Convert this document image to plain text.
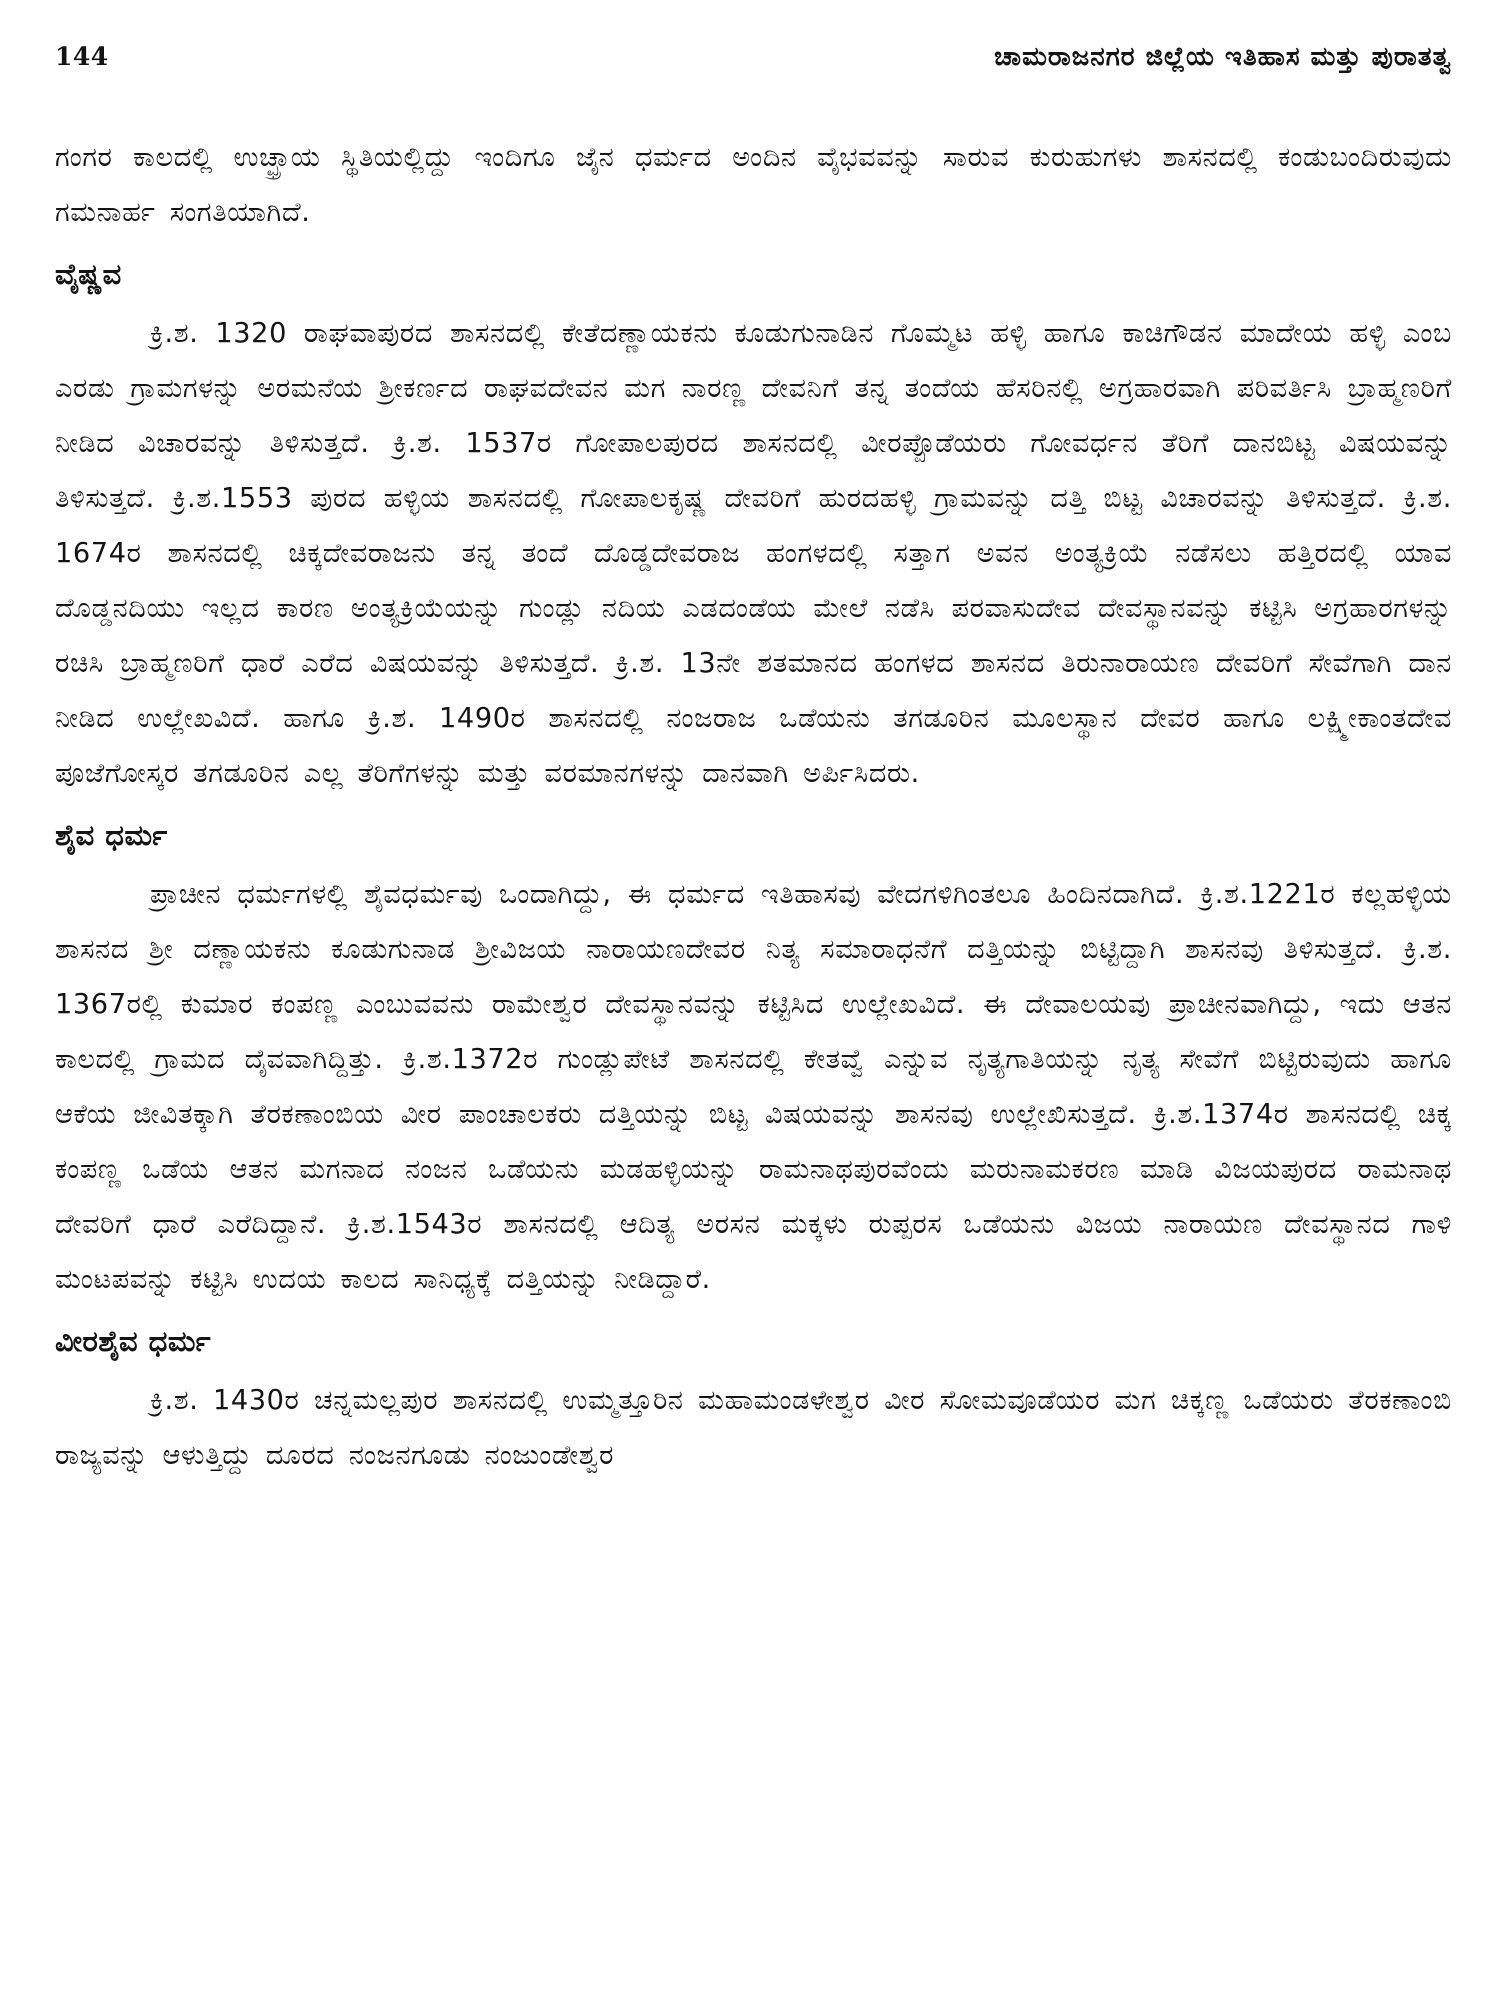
144	ಚಾಮರಾಜನಗರ ಜಿಲ್ಲೆಯ ಇತಿಹಾಸ ಮತ್ತು ಪುರಾತತ್ವ

ಗಂಗರ ಕಾಲದಲ್ಲಿ ಉಚ್ಛ್ರಾಯ ಸ್ಥಿತಿಯಲ್ಲಿದ್ದು ಇಂದಿಗೂ ಜೈನ ಧರ್ಮದ ಅಂದಿನ ವೈಭವವನ್ನು ಸಾರುವ ಕುರುಹುಗಳು ಶಾಸನದಲ್ಲಿ ಕಂಡುಬಂದಿರುವುದು ಗಮನಾರ್ಹ ಸಂಗತಿಯಾಗಿದೆ.

ವೈಷ್ಣವ

ಕ್ರಿ.ಶ. 1320 ರಾಘವಾಪುರದ ಶಾಸನದಲ್ಲಿ ಕೇತೆದಣ್ಣಾಯಕನು ಕೂಡುಗುನಾಡಿನ ಗೊಮ್ಮಟ ಹಳ್ಳಿ ಹಾಗೂ ಕಾಚಿಗೌಡನ ಮಾದೇಯ ಹಳ್ಳಿ ಎಂಬ ಎರಡು ಗ್ರಾಮಗಳನ್ನು ಅರಮನೆಯ ಶ್ರೀಕರ್ಣದ ರಾಘವದೇವನ ಮಗ ನಾರಣ್ಣ ದೇವನಿಗೆ ತನ್ನ ತಂದೆಯ ಹೆಸರಿನಲ್ಲಿ ಅಗ್ರಹಾರವಾಗಿ ಪರಿವರ್ತಿಸಿ ಬ್ರಾಹ್ಮಣರಿಗೆ ನೀಡಿದ ವಿಚಾರವನ್ನು ತಿಳಿಸುತ್ತದೆ. ಕ್ರಿ.ಶ. 1537ರ ಗೋಪಾಲಪುರದ ಶಾಸನದಲ್ಲಿ ವೀರಪ್ಪೊಡೆಯರು ಗೋವರ್ಧನ ತೆರಿಗೆ ದಾನಬಿಟ್ಟ ವಿಷಯವನ್ನು ತಿಳಿಸುತ್ತದೆ. ಕ್ರಿ.ಶ.1553 ಪುರದ ಹಳ್ಳಿಯ ಶಾಸನದಲ್ಲಿ ಗೋಪಾಲಕೃಷ್ಣ ದೇವರಿಗೆ ಹುರದಹಳ್ಳಿ ಗ್ರಾಮವನ್ನು ದತ್ತಿ ಬಿಟ್ಟ ವಿಚಾರವನ್ನು ತಿಳಿಸುತ್ತದೆ. ಕ್ರಿ.ಶ. 1674ರ ಶಾಸನದಲ್ಲಿ ಚಿಕ್ಕದೇವರಾಜನು ತನ್ನ ತಂದೆ ದೊಡ್ಡದೇವರಾಜ ಹಂಗಳದಲ್ಲಿ ಸತ್ತಾಗ ಅವನ ಅಂತ್ಯಕ್ರಿಯೆ ನಡೆಸಲು ಹತ್ತಿರದಲ್ಲಿ ಯಾವ ದೊಡ್ಡನದಿಯು ಇಲ್ಲದ ಕಾರಣ ಅಂತ್ಯಕ್ರಿಯೆಯನ್ನು ಗುಂಡ್ಲು ನದಿಯ ಎಡದಂಡೆಯ ಮೇಲೆ ನಡೆಸಿ ಪರವಾಸುದೇವ ದೇವಸ್ಥಾನವನ್ನು ಕಟ್ಟಿಸಿ ಅಗ್ರಹಾರಗಳನ್ನು ರಚಿಸಿ ಬ್ರಾಹ್ಮಣರಿಗೆ ಧಾರೆ ಎರೆದ ವಿಷಯವನ್ನು ತಿಳಿಸುತ್ತದೆ. ಕ್ರಿ.ಶ. 13ನೇ ಶತಮಾನದ ಹಂಗಳದ ಶಾಸನದ ತಿರುನಾರಾಯಣ ದೇವರಿಗೆ ಸೇವೆಗಾಗಿ ದಾನ ನೀಡಿದ ಉಲ್ಲೇಖವಿದೆ. ಹಾಗೂ ಕ್ರಿ.ಶ. 1490ರ ಶಾಸನದಲ್ಲಿ ನಂಜರಾಜ ಒಡೆಯನು ತಗಡೂರಿನ ಮೂಲಸ್ಥಾನ ದೇವರ ಹಾಗೂ ಲಕ್ಷ್ಮೀಕಾಂತದೇವ ಪೂಜೆಗೋಸ್ಕರ ತಗಡೂರಿನ ಎಲ್ಲ ತೆರಿಗೆಗಳನ್ನು ಮತ್ತು ವರಮಾನಗಳನ್ನು ದಾನವಾಗಿ ಅರ್ಪಿಸಿದರು.

ಶೈವ ಧರ್ಮ

ಪ್ರಾಚೀನ ಧರ್ಮಗಳಲ್ಲಿ ಶೈವಧರ್ಮವು ಒಂದಾಗಿದ್ದು, ಈ ಧರ್ಮದ ಇತಿಹಾಸವು ವೇದಗಳಿಗಿಂತಲೂ ಹಿಂದಿನದಾಗಿದೆ. ಕ್ರಿ.ಶ.1221ರ ಕಲ್ಲಹಳ್ಳಿಯ ಶಾಸನದ ಶ್ರೀ ದಣ್ಣಾಯಕನು ಕೂಡುಗುನಾಡ ಶ್ರೀವಿಜಯ ನಾರಾಯಣದೇವರ ನಿತ್ಯ ಸಮಾರಾಧನೆಗೆ ದತ್ತಿಯನ್ನು ಬಿಟ್ಟಿದ್ದಾಗಿ ಶಾಸನವು ತಿಳಿಸುತ್ತದೆ. ಕ್ರಿ.ಶ. 1367ರಲ್ಲಿ ಕುಮಾರ ಕಂಪಣ್ಣ ಎಂಬುವವನು ರಾಮೇಶ್ವರ ದೇವಸ್ಥಾನವನ್ನು ಕಟ್ಟಿಸಿದ ಉಲ್ಲೇಖವಿದೆ. ಈ ದೇವಾಲಯವು ಪ್ರಾಚೀನವಾಗಿದ್ದು, ಇದು ಆತನ ಕಾಲದಲ್ಲಿ ಗ್ರಾಮದ ದೈವವಾಗಿದ್ದಿತ್ತು. ಕ್ರಿ.ಶ.1372ರ ಗುಂಡ್ಲುಪೇಟೆ ಶಾಸನದಲ್ಲಿ ಕೇತವ್ವೆ ಎನ್ನುವ ನೃತ್ಯಗಾತಿಯನ್ನು ನೃತ್ಯ ಸೇವೆಗೆ ಬಿಟ್ಟಿರುವುದು ಹಾಗೂ ಆಕೆಯ ಜೀವಿತಕ್ಕಾಗಿ ತೆರಕಣಾಂಬಿಯ ವೀರ ಪಾಂಚಾಲಕರು ದತ್ತಿಯನ್ನು ಬಿಟ್ಟ ವಿಷಯವನ್ನು ಶಾಸನವು ಉಲ್ಲೇಖಿಸುತ್ತದೆ. ಕ್ರಿ.ಶ.1374ರ ಶಾಸನದಲ್ಲಿ ಚಿಕ್ಕ ಕಂಪಣ್ಣ ಒಡೆಯ ಆತನ ಮಗನಾದ ನಂಜನ ಒಡೆಯನು ಮಡಹಳ್ಳಿಯನ್ನು ರಾಮನಾಥಪುರವೆಂದು ಮರುನಾಮಕರಣ ಮಾಡಿ ವಿಜಯಪುರದ ರಾಮನಾಥ ದೇವರಿಗೆ ಧಾರೆ ಎರೆದಿದ್ದಾನೆ. ಕ್ರಿ.ಶ.1543ರ ಶಾಸನದಲ್ಲಿ ಆದಿತ್ಯ ಅರಸನ ಮಕ್ಕಳು ರುಪ್ಪರಸ ಒಡೆಯನು ವಿಜಯ ನಾರಾಯಣ ದೇವಸ್ಥಾನದ ಗಾಳಿ ಮಂಟಪವನ್ನು ಕಟ್ಟಿಸಿ ಉದಯ ಕಾಲದ ಸಾನಿಧ್ಯಕ್ಕೆ ದತ್ತಿಯನ್ನು ನೀಡಿದ್ದಾರೆ.

ವೀರಶೈವ ಧರ್ಮ

ಕ್ರಿ.ಶ. 1430ರ ಚನ್ನಮಲ್ಲಪುರ ಶಾಸನದಲ್ಲಿ ಉಮ್ಮತ್ತೂರಿನ ಮಹಾಮಂಡಳೇಶ್ವರ ವೀರ ಸೋಮವೂಡೆಯರ ಮಗ ಚಿಕ್ಕಣ್ಣ ಒಡೆಯರು ತೆರಕಣಾಂಬಿ ರಾಜ್ಯವನ್ನು ಆಳುತ್ತಿದ್ದು ದೂರದ ನಂಜನಗೂಡು ನಂಜುಂಡೇಶ್ವರ
